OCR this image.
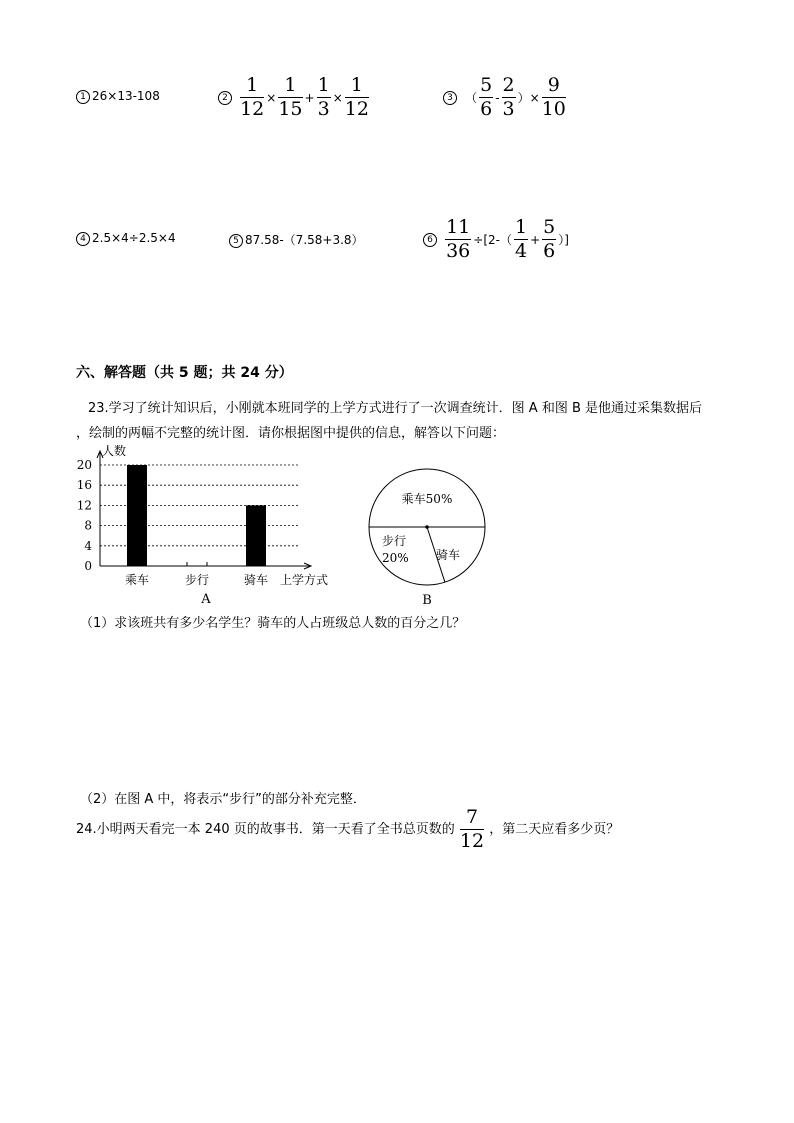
1 26×13-108	$2 \frac{1}{12} \times \frac{1}{15} + \frac{1}{3} \times \frac{1}{12}$	3 （ $\frac{5}{6} - \frac{2}{3}$ ）× $\frac{9}{10}$
4 2.5×4÷2.5×4	5 87.58-（7.58+3.8）	$6 \frac{11}{36} \div[2-( \frac{1}{4} + \frac{5}{6}$ ）]
六、解答题（共 5 题；共 24 分）
23.学习了统计知识后，小刚就本班同学的上学方式进行了一次调查统计．图 A 和图 B 是他通过采集数据后
，绘制的两幅不完整的统计图．请你根据图中提供的信息，解答以下问题：
0
4
8
12
16
20
人数
乘车	步行	骑车 上学方式
A
乘车50%
步行
20% 骑车
B
（1）求该班共有多少名学生？骑车的人占班级总人数的百分之几？
（2）在图 A 中，将表示“步行”的部分补充完整．
24.小明两天看完一本 240 页的故事书．第一天看了全书总页数的 $\frac{7}{12}$ ，第二天应看多少页？
